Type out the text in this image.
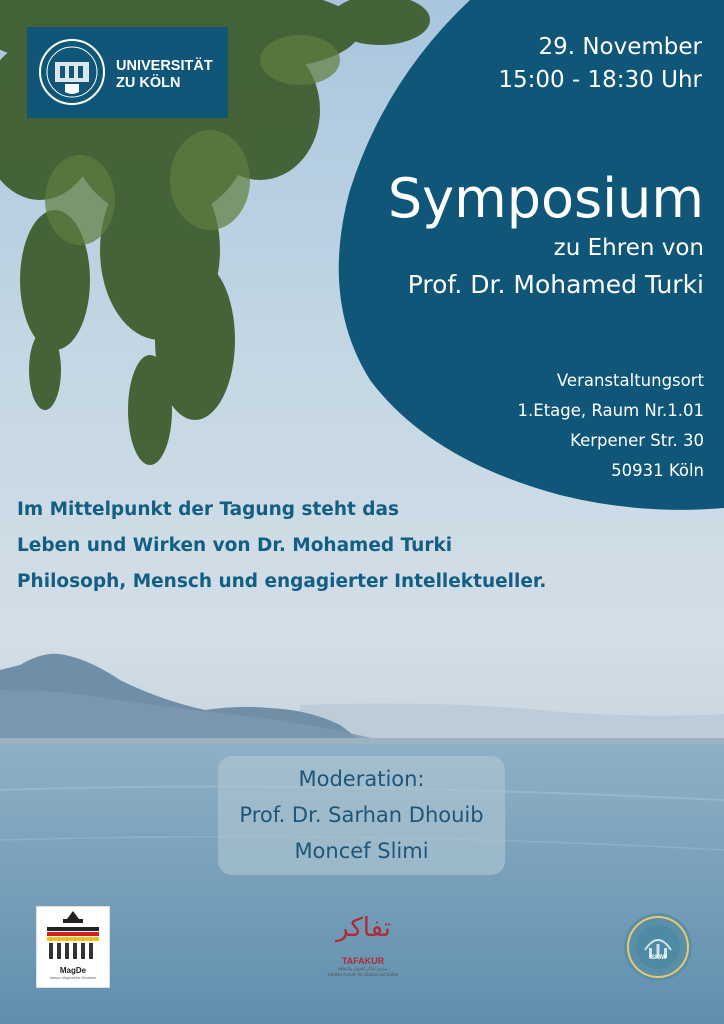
UNIVERSITÄT
ZU KÖLN
29. November
15:00 - 18:30 Uhr
Symposium
zu Ehren von
Prof. Dr. Mohamed Turki
Veranstaltungsort
1.Etage, Raum Nr.1.01
Kerpener Str. 30
50931 Köln
Im Mittelpunkt der Tagung steht das
Leben und Wirken von Dr. Mohamed Turki
Philosoph, Mensch und engagierter Intellektueller.
Moderation:
Prof. Dr. Sarhan Dhouib
Moncef Slimi
MagDe
Maison Maghrebine Deutsche
تفاكر
TAFAKUR
منتدى تفاكر للحوار والثقافة
Tafakur Forum für Dialog und Kultur
ISKIW
